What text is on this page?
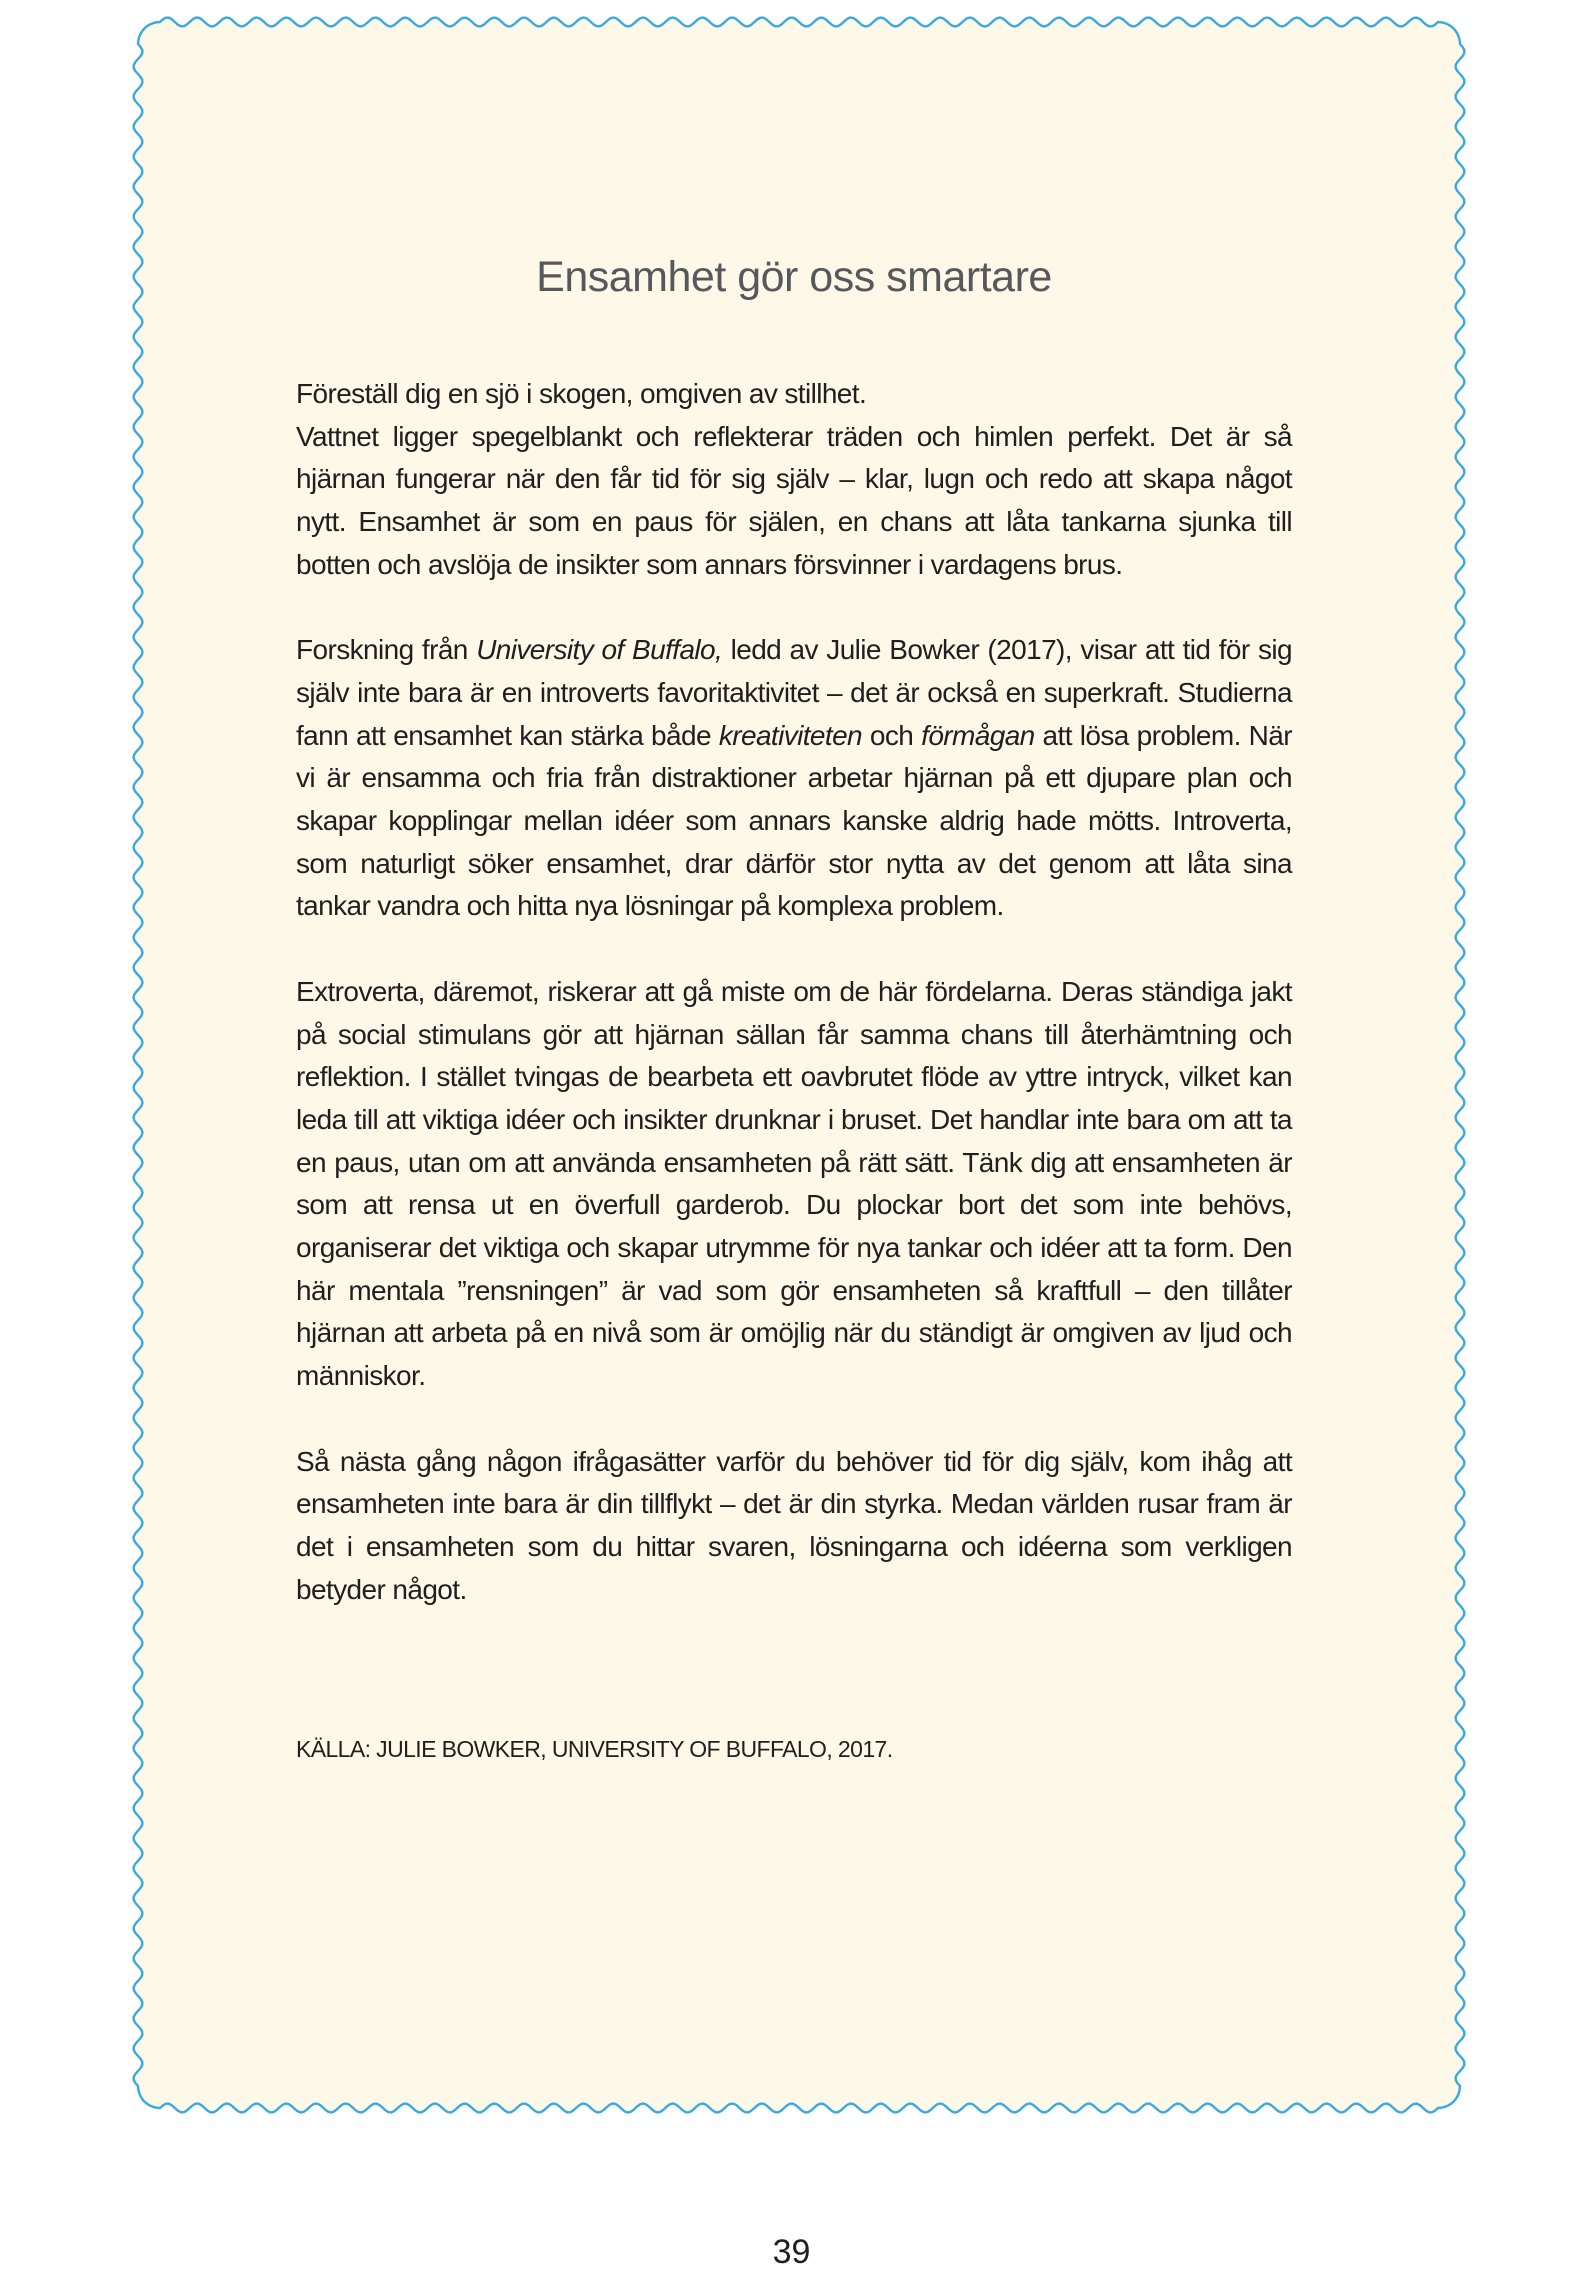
Ensamhet gör oss smartare

Föreställ dig en sjö i skogen, omgiven av stillhet.
Vattnet ligger spegelblankt och reflekterar träden och himlen perfekt. Det är så hjärnan fungerar när den får tid för sig själv – klar, lugn och redo att skapa något nytt. Ensamhet är som en paus för själen, en chans att låta tankarna sjunka till botten och avslöja de insikter som annars försvinner i vardagens brus.

Forskning från University of Buffalo, ledd av Julie Bowker (2017), visar att tid för sig själv inte bara är en introverts favoritaktivitet – det är också en superkraft. Studierna fann att ensamhet kan stärka både kreativiteten och förmågan att lösa problem. När vi är ensamma och fria från distraktioner arbetar hjärnan på ett djupare plan och skapar kopplingar mellan idéer som annars kanske aldrig hade mötts. Introverta, som naturligt söker ensamhet, drar därför stor nytta av det genom att låta sina tankar vandra och hitta nya lösningar på komplexa problem.

Extroverta, däremot, riskerar att gå miste om de här fördelarna. Deras ständiga jakt på social stimulans gör att hjärnan sällan får samma chans till återhämtning och reflektion. I stället tvingas de bearbeta ett oavbrutet flöde av yttre intryck, vilket kan leda till att viktiga idéer och insikter drunknar i bruset. Det handlar inte bara om att ta en paus, utan om att använda ensamheten på rätt sätt. Tänk dig att ensamheten är som att rensa ut en överfull garderob. Du plockar bort det som inte behövs, organiserar det viktiga och skapar utrymme för nya tankar och idéer att ta form. Den här mentala ”rensningen” är vad som gör ensamheten så kraftfull – den tillåter hjärnan att arbeta på en nivå som är omöjlig när du ständigt är omgiven av ljud och människor.

Så nästa gång någon ifrågasätter varför du behöver tid för dig själv, kom ihåg att ensamheten inte bara är din tillflykt – det är din styrka. Medan världen rusar fram är det i ensamheten som du hittar svaren, lösningarna och idéerna som verkligen betyder något.

KÄLLA: JULIE BOWKER, UNIVERSITY OF BUFFALO, 2017.
39
